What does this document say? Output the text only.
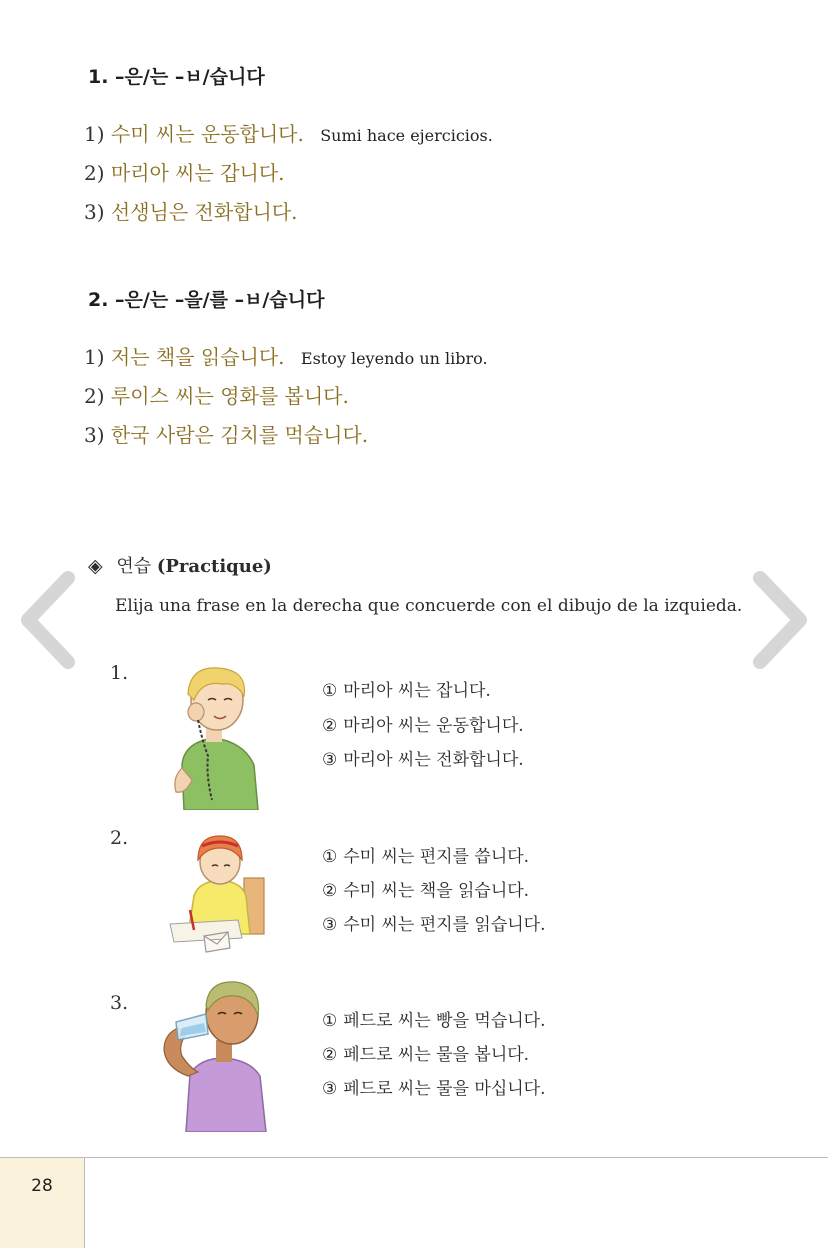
1. –은/는 –ㅂ/습니다
1) 수미 씨는 운동합니다. Sumi hace ejercicios.
2) 마리아 씨는 갑니다.
3) 선생님은 전화합니다.
2. –은/는 –을/를 –ㅂ/습니다
1) 저는 책을 읽습니다. Estoy leyendo un libro.
2) 루이스 씨는 영화를 봅니다.
3) 한국 사람은 김치를 먹습니다.
◈ 연습 (Practique)
Elija una frase en la derecha que concuerde con el dibujo de la izquieda.
1.
① 마리아 씨는 잡니다.
② 마리아 씨는 운동합니다.
③ 마리아 씨는 전화합니다.
2.
① 수미 씨는 편지를 씁니다.
② 수미 씨는 책을 읽습니다.
③ 수미 씨는 편지를 읽습니다.
3.
① 페드로 씨는 빵을 먹습니다.
② 페드로 씨는 물을 봅니다.
③ 페드로 씨는 물을 마십니다.
28
